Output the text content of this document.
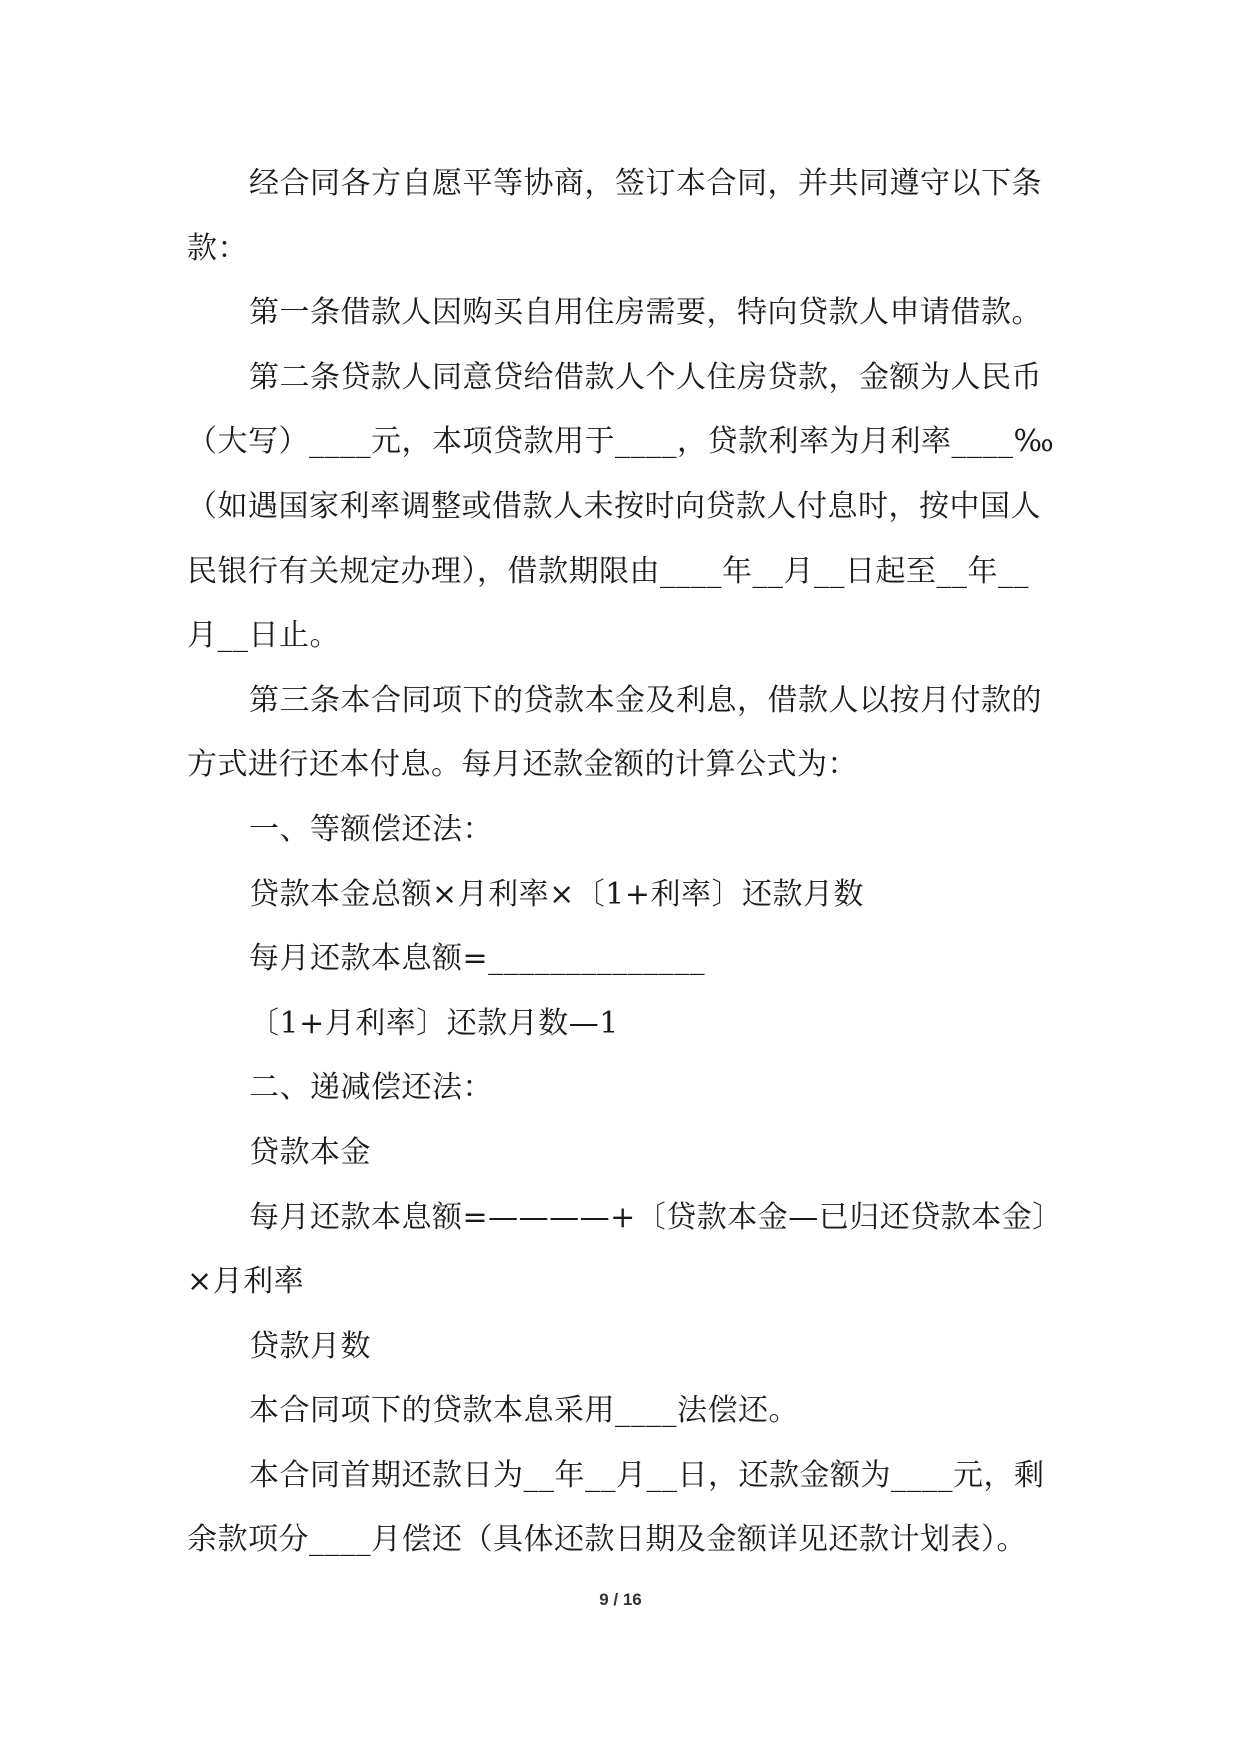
经合同各方自愿平等协商，签订本合同，并共同遵守以下条
款：
第一条借款人因购买自用住房需要，特向贷款人申请借款。
第二条贷款人同意贷给借款人个人住房贷款，金额为人民币
（大写）____元，本项贷款用于____，贷款利率为月利率____‰
（如遇国家利率调整或借款人未按时向贷款人付息时，按中国人
民银行有关规定办理），借款期限由____年__月__日起至__年__
月__日止。
第三条本合同项下的贷款本金及利息，借款人以按月付款的
方式进行还本付息。每月还款金额的计算公式为：
一、等额偿还法：
贷款本金总额×月利率×〔1+利率〕还款月数
每月还款本息额=______________
〔1+月利率〕还款月数—1
二、递减偿还法：
贷款本金
每月还款本息额=————+〔贷款本金—已归还贷款本金〕
×月利率
贷款月数
本合同项下的贷款本息采用____法偿还。
本合同首期还款日为__年__月__日，还款金额为____元，剩
余款项分____月偿还（具体还款日期及金额详见还款计划表）。
9 / 16
